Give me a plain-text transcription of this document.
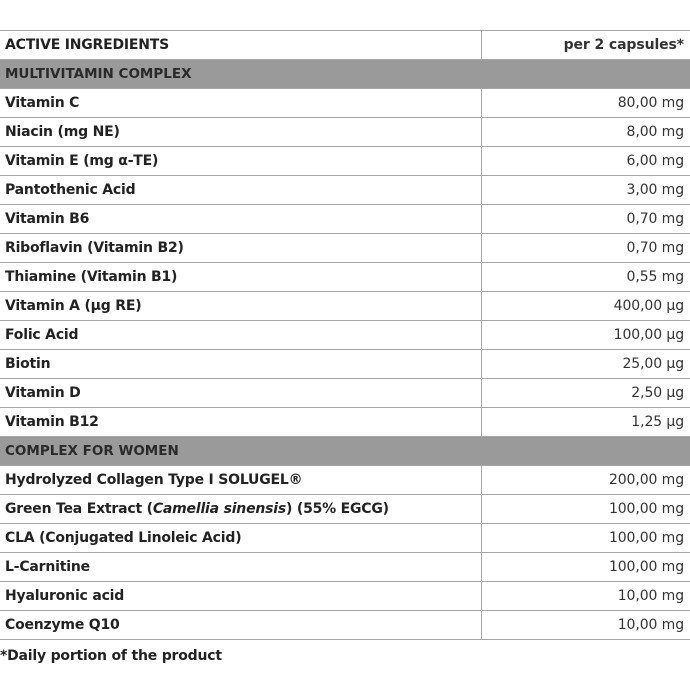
ACTIVE INGREDIENTS	per 2 capsules*
MULTIVITAMIN COMPLEX	
Vitamin C	80,00 mg
Niacin (mg NE)	8,00 mg
Vitamin E (mg α-TE)	6,00 mg
Pantothenic Acid	3,00 mg
Vitamin B6	0,70 mg
Riboflavin (Vitamin B2)	0,70 mg
Thiamine (Vitamin B1)	0,55 mg
Vitamin A (µg RE)	400,00 µg
Folic Acid	100,00 µg
Biotin	25,00 µg
Vitamin D	2,50 µg
Vitamin B12	1,25 µg
COMPLEX FOR WOMEN	
Hydrolyzed Collagen Type I SOLUGEL®	200,00 mg
Green Tea Extract (Camellia sinensis) (55% EGCG)	100,00 mg
CLA (Conjugated Linoleic Acid)	100,00 mg
L-Carnitine	100,00 mg
Hyaluronic acid	10,00 mg
Coenzyme Q10	10,00 mg
*Daily portion of the product
